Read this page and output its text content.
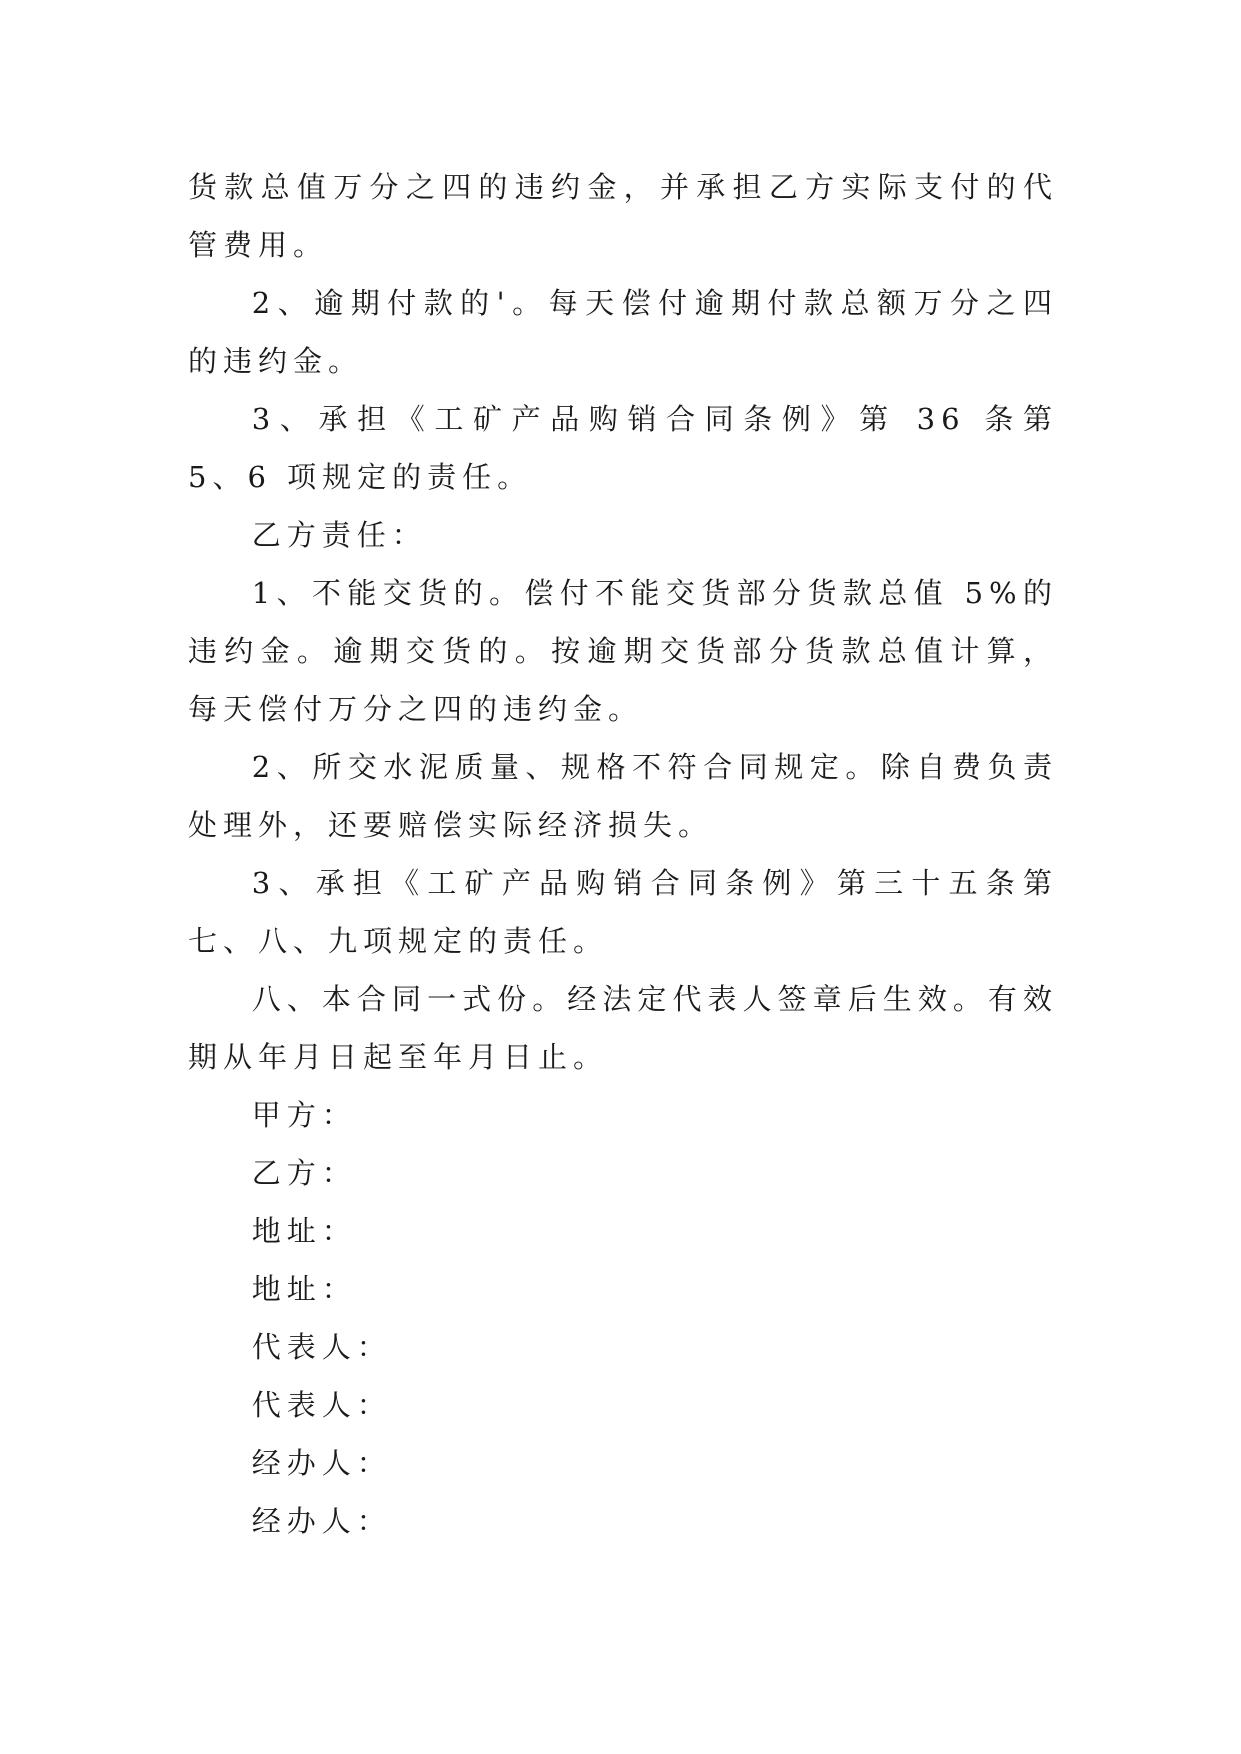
货款总值万分之四的违约金，并承担乙方实际支付的代管费用。

2、逾期付款的'。每天偿付逾期付款总额万分之四的违约金。

3、承担《工矿产品购销合同条例》第 36 条第 5、6 项规定的责任。

乙方责任：

1、不能交货的。偿付不能交货部分货款总值 5%的违约金。逾期交货的。按逾期交货部分货款总值计算，每天偿付万分之四的违约金。

2、所交水泥质量、规格不符合同规定。除自费负责处理外，还要赔偿实际经济损失。

3、承担《工矿产品购销合同条例》第三十五条第七、八、九项规定的责任。

八、本合同一式份。经法定代表人签章后生效。有效期从年月日起至年月日止。

甲方：

乙方：

地址：

地址：

代表人：

代表人：

经办人：

经办人：
